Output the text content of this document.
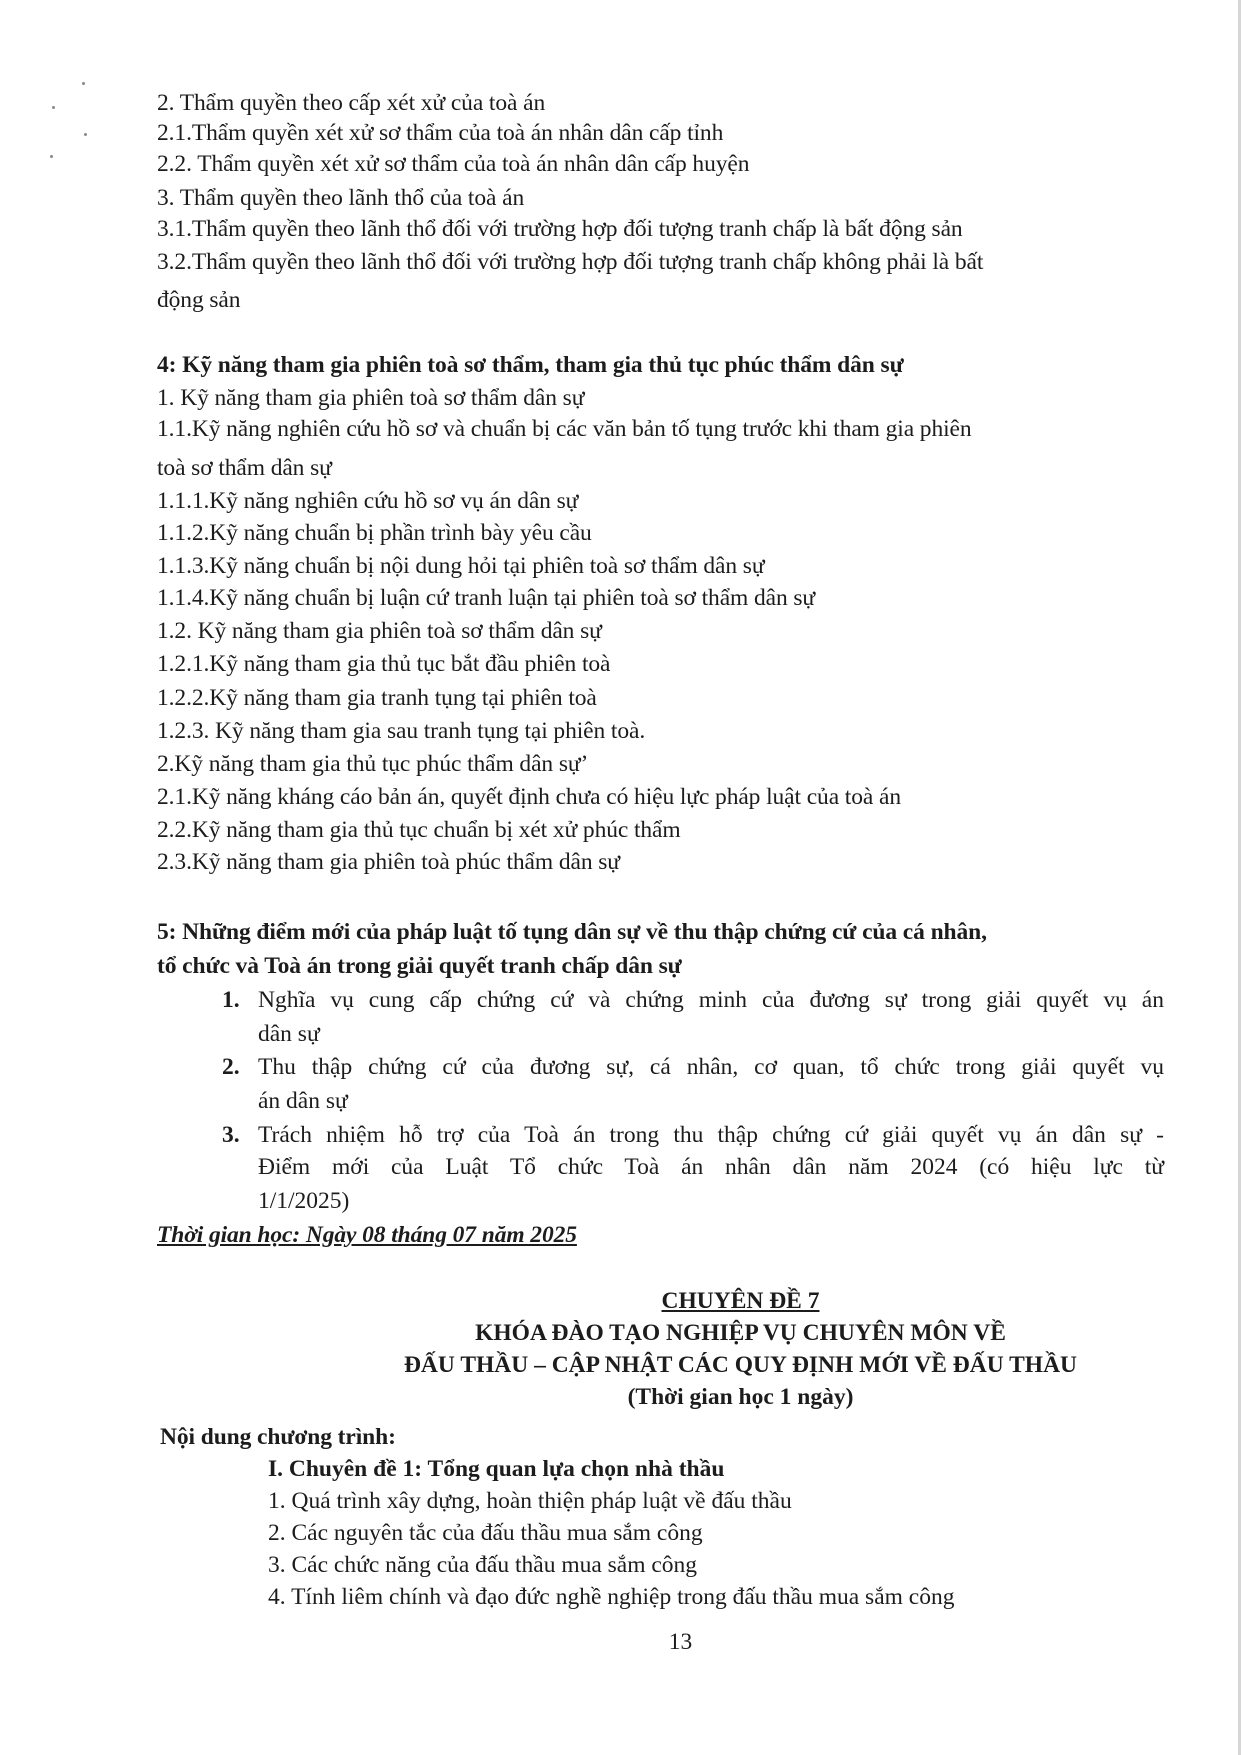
2. Thẩm quyền theo cấp xét xử của toà án
2.1.Thẩm quyền xét xử sơ thẩm của toà án nhân dân cấp tỉnh
2.2. Thẩm quyền xét xử sơ thẩm của toà án nhân dân cấp huyện
3. Thẩm quyền theo lãnh thổ của toà án
3.1.Thẩm quyền theo lãnh thổ đối với trường hợp đối tượng tranh chấp là bất động sản
3.2.Thẩm quyền theo lãnh thổ đối với trường hợp đối tượng tranh chấp không phải là bất
động sản
4: Kỹ năng tham gia phiên toà sơ thẩm, tham gia thủ tục phúc thẩm dân sự
1. Kỹ năng tham gia phiên toà sơ thẩm dân sự
1.1.Kỹ năng nghiên cứu hồ sơ và chuẩn bị các văn bản tố tụng trước khi tham gia phiên
toà sơ thẩm dân sự
1.1.1.Kỹ năng nghiên cứu hồ sơ vụ án dân sự
1.1.2.Kỹ năng chuẩn bị phần trình bày yêu cầu
1.1.3.Kỹ năng chuẩn bị nội dung hỏi tại phiên toà sơ thẩm dân sự
1.1.4.Kỹ năng chuẩn bị luận cứ tranh luận tại phiên toà sơ thẩm dân sự
1.2. Kỹ năng tham gia phiên toà sơ thẩm dân sự
1.2.1.Kỹ năng tham gia thủ tục bắt đầu phiên toà
1.2.2.Kỹ năng tham gia tranh tụng tại phiên toà
1.2.3. Kỹ năng tham gia sau tranh tụng tại phiên toà.
2.Kỹ năng tham gia thủ tục phúc thẩm dân sự’
2.1.Kỹ năng kháng cáo bản án, quyết định chưa có hiệu lực pháp luật của toà án
2.2.Kỹ năng tham gia thủ tục chuẩn bị xét xử phúc thẩm
2.3.Kỹ năng tham gia phiên toà phúc thẩm dân sự
5: Những điểm mới của pháp luật tố tụng dân sự về thu thập chứng cứ của cá nhân,
tổ chức và Toà án trong giải quyết tranh chấp dân sự
1. Nghĩa vụ cung cấp chứng cứ và chứng minh của đương sự trong giải quyết vụ án
dân sự
2. Thu thập chứng cứ của đương sự, cá nhân, cơ quan, tổ chức trong giải quyết vụ
án dân sự
3. Trách nhiệm hỗ trợ của Toà án trong thu thập chứng cứ giải quyết vụ án dân sự -
Điểm mới của Luật Tổ chức Toà án nhân dân năm 2024 (có hiệu lực từ
1/1/2025)
Thời gian học: Ngày 08 tháng 07 năm 2025
CHUYÊN ĐỀ 7
KHÓA ĐÀO TẠO NGHIỆP VỤ CHUYÊN MÔN VỀ
ĐẤU THẦU – CẬP NHẬT CÁC QUY ĐỊNH MỚI VỀ ĐẤU THẦU
(Thời gian học 1 ngày)
Nội dung chương trình:
I. Chuyên đề 1: Tổng quan lựa chọn nhà thầu
1. Quá trình xây dựng, hoàn thiện pháp luật về đấu thầu
2. Các nguyên tắc của đấu thầu mua sắm công
3. Các chức năng của đấu thầu mua sắm công
4. Tính liêm chính và đạo đức nghề nghiệp trong đấu thầu mua sắm công
13
